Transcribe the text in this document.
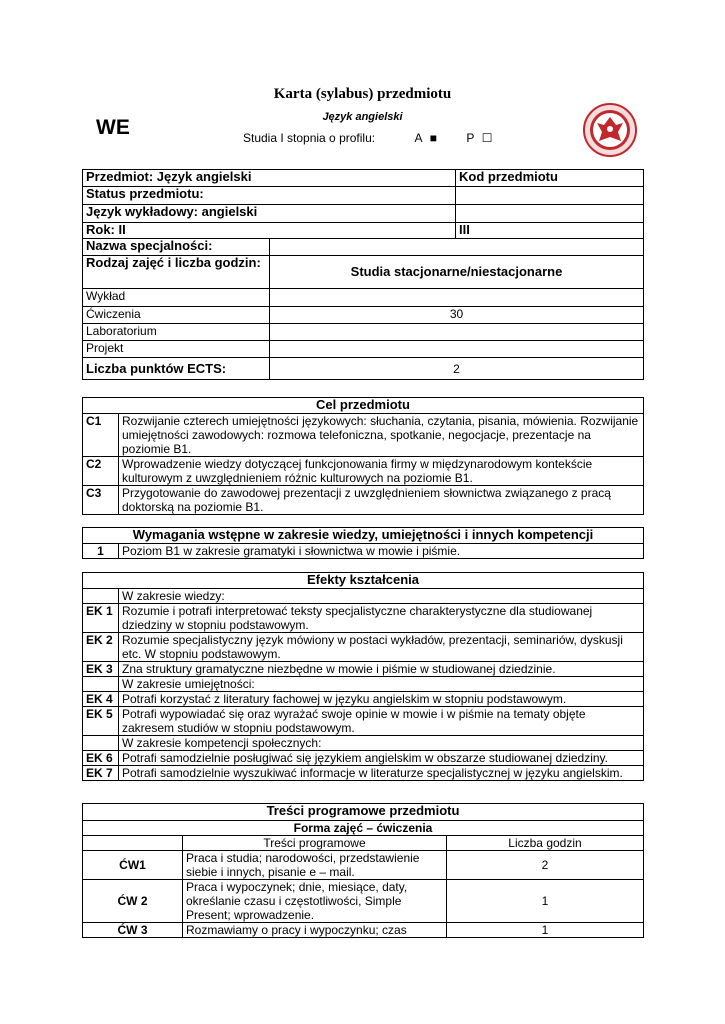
WE
Karta (sylabus) przedmiotu
Język angielski
Studia I stopnia o profilu:	A ■ P ☐
Przedmiot: Język angielski		Kod przedmiotu
Status przedmiotu:		
Język wykładowy: angielski		
Rok: II		III
Nazwa specjalności:		
Rodzaj zajęć i liczba godzin:	Studia stacjonarne/niestacjonarne	
Wykład		
Ćwiczenia	30	
Laboratorium		
Projekt		
Liczba punktów ECTS:	2	
Cel przedmiotu	
C1	Rozwijanie czterech umiejętności językowych: słuchania, czytania, pisania, mówienia. Rozwijanie umiejętności zawodowych: rozmowa telefoniczna, spotkanie, negocjacje, prezentacje na poziomie B1.
C2	Wprowadzenie wiedzy dotyczącej funkcjonowania firmy w międzynarodowym kontekście kulturowym z uwzględnieniem różnic kulturowych na poziomie B1.
C3	Przygotowanie do zawodowej prezentacji z uwzględnieniem słownictwa związanego z pracą doktorską na poziomie B1.
Wymagania wstępne w zakresie wiedzy, umiejętności i innych kompetencji
1	Poziom B1 w zakresie gramatyki i słownictwa w mowie i piśmie.
Efekty kształcenia	
	W zakresie wiedzy:
EK 1	Rozumie i potrafi interpretować teksty specjalistyczne charakterystyczne dla studiowanej dziedziny w stopniu podstawowym.
EK 2	Rozumie specjalistyczny język mówiony w postaci wykładów, prezentacji, seminariów, dyskusji etc. W stopniu podstawowym.
EK 3	Zna struktury gramatyczne niezbędne w mowie i piśmie w studiowanej dziedzinie.
	W zakresie umiejętności:
EK 4	Potrafi korzystać z literatury fachowej w języku angielskim w stopniu podstawowym.
EK 5	Potrafi wypowiadać się oraz wyrażać swoje opinie w mowie i w piśmie na tematy objęte zakresem studiów w stopniu podstawowym.
	W zakresie kompetencji społecznych:
EK 6	Potrafi samodzielnie posługiwać się językiem angielskim w obszarze studiowanej dziedziny.
EK 7	Potrafi samodzielnie wyszukiwać informacje w literaturze specjalistycznej w języku angielskim.
Treści programowe przedmiotu		
Forma zajęć – ćwiczenia		
	Treści programowe	Liczba godzin
ĆW1	Praca i studia; narodowości, przedstawienie siebie i innych, pisanie e – mail.	2
ĆW 2	Praca i wypoczynek; dnie, miesiące, daty, określanie czasu i częstotliwości, Simple Present; wprowadzenie.	1
ĆW 3	Rozmawiamy o pracy i wypoczynku; czas	1
